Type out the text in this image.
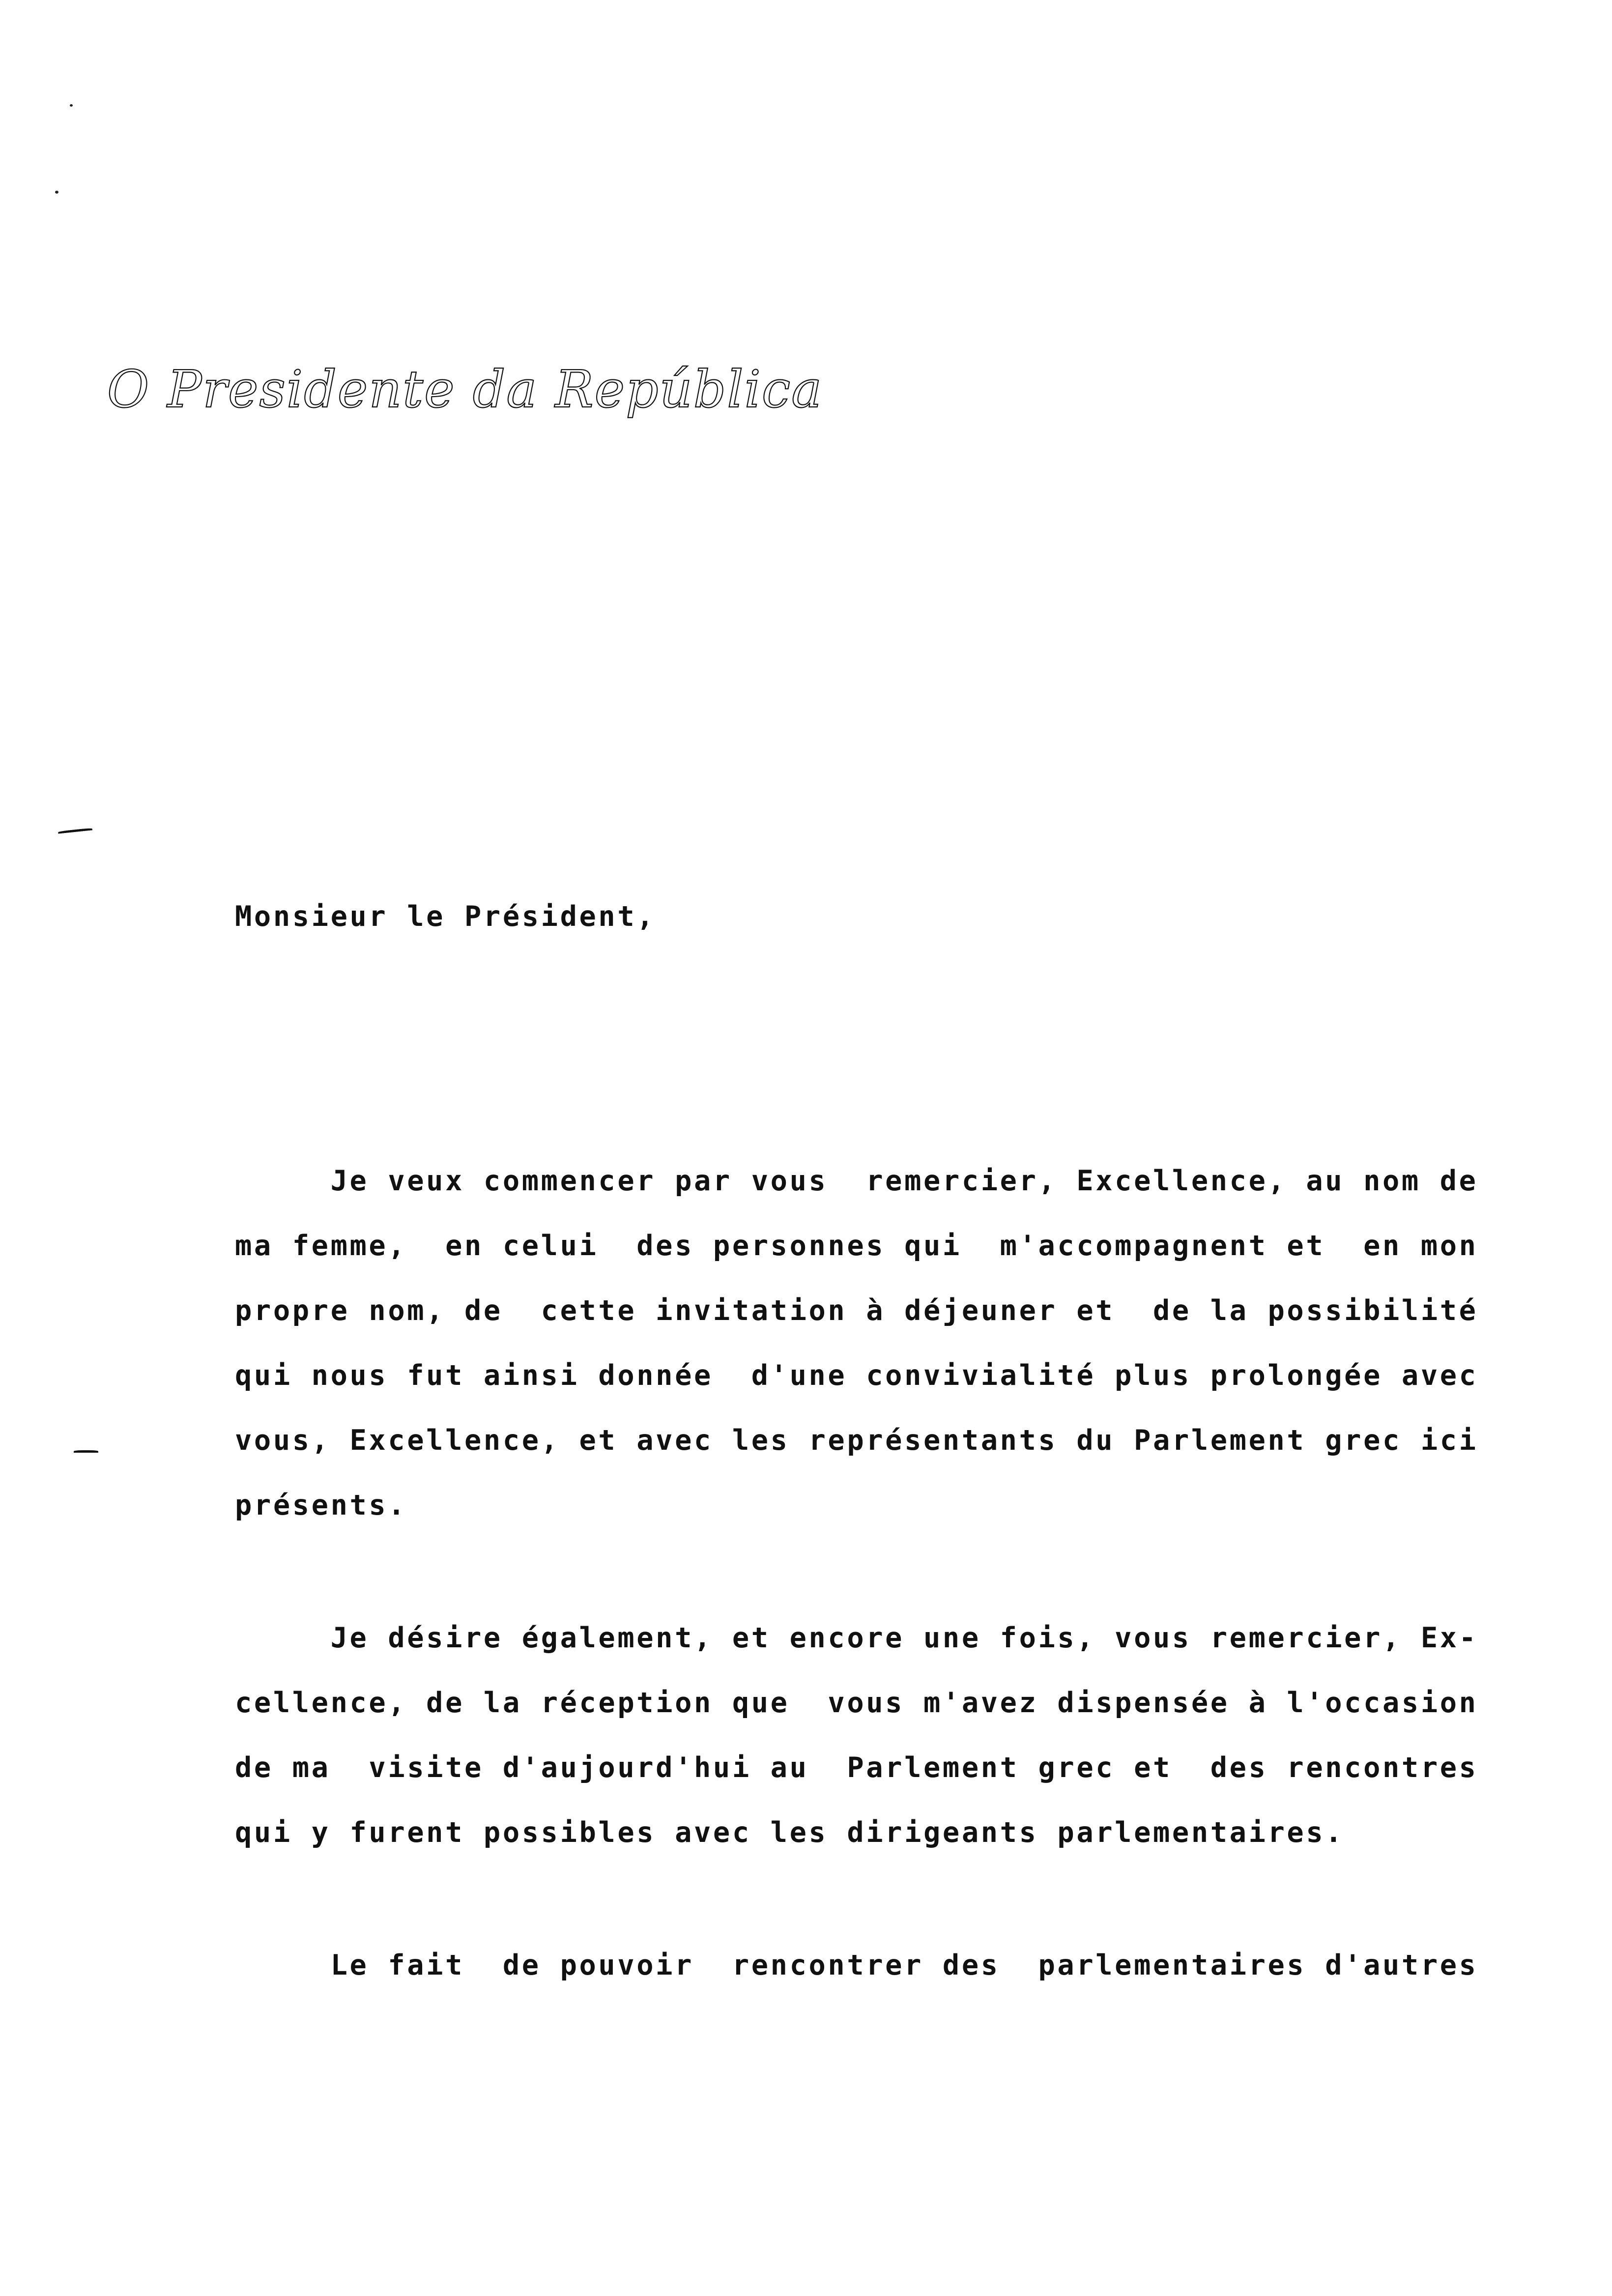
O Presidente da República

Monsieur le Président,

Je veux commencer par vous  remercier, Excellence, au nom de

ma femme,  en celui  des personnes qui  m'accompagnent et  en mon

propre nom, de  cette invitation à déjeuner et  de la possibilité

qui nous fut ainsi donnée  d'une convivialité plus prolongée avec

vous, Excellence, et avec les représentants du Parlement grec ici

présents.

Je désire également, et encore une fois, vous remercier, Ex-

cellence, de la réception que  vous m'avez dispensée à l'occasion

de ma  visite d'aujourd'hui au  Parlement grec et  des rencontres

qui y furent possibles avec les dirigeants parlementaires.

Le fait  de pouvoir  rencontrer des  parlementaires d'autres
